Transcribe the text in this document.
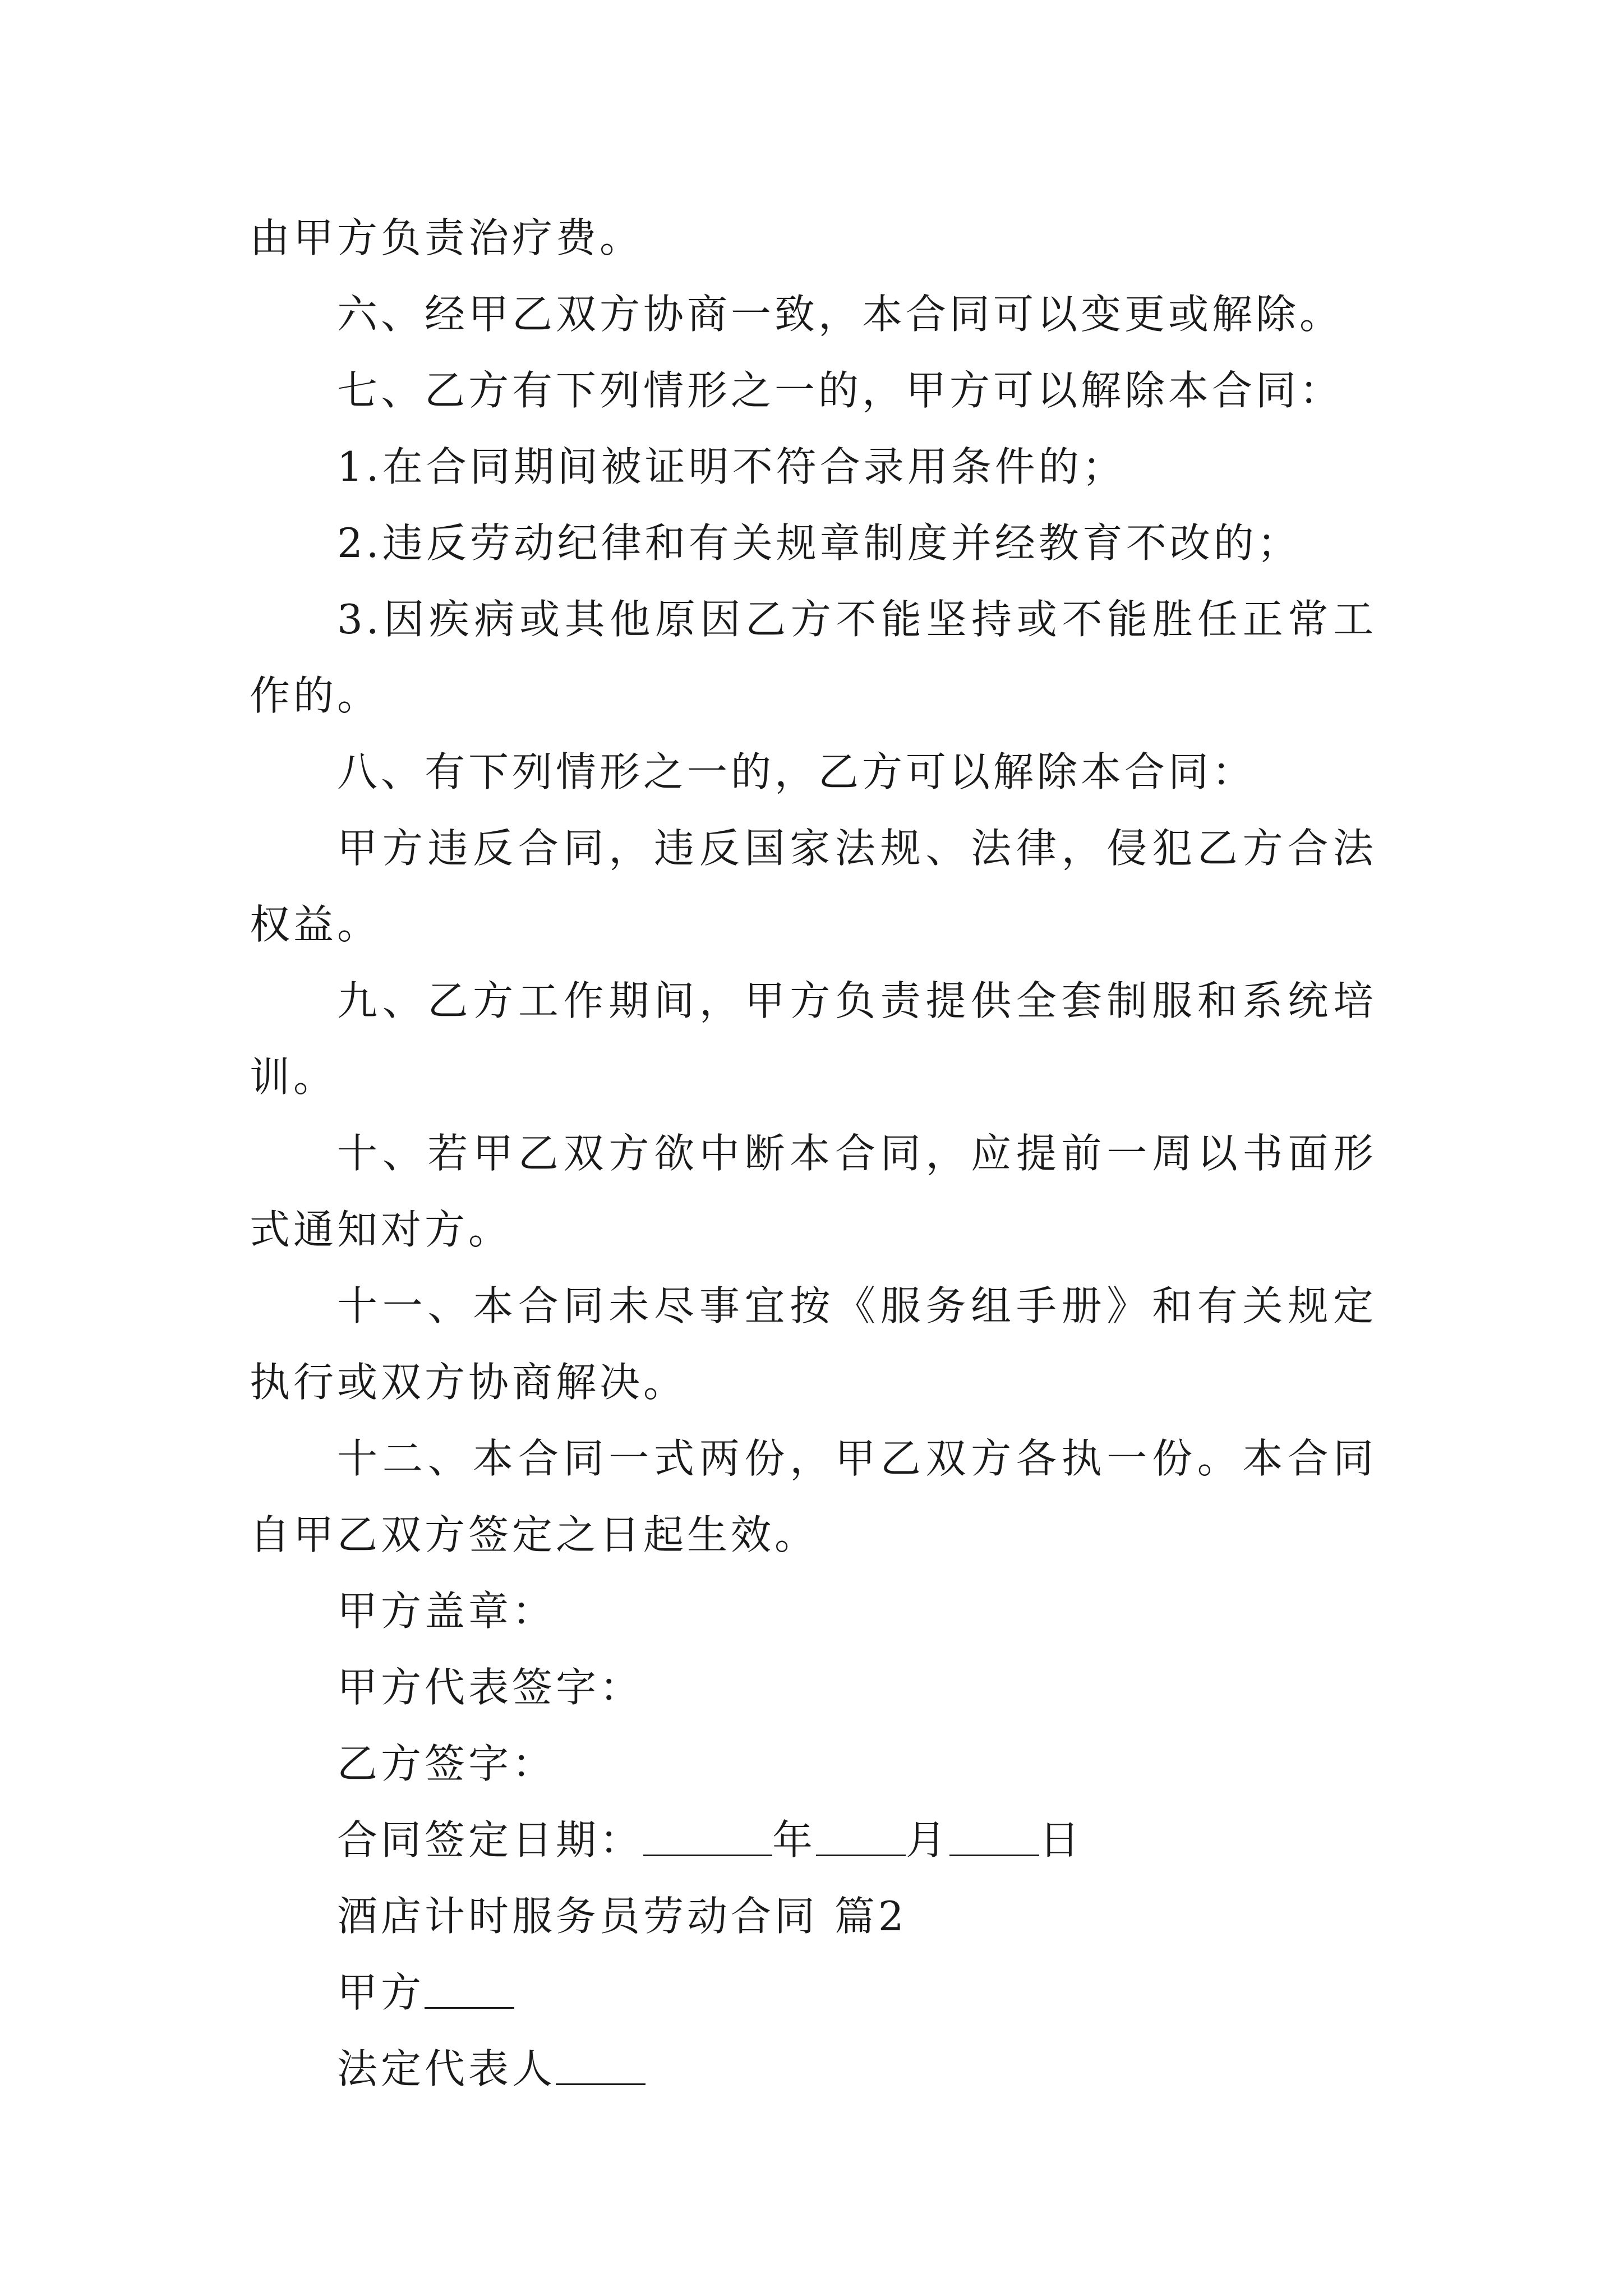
由甲方负责治疗费。

六、经甲乙双方协商一致，本合同可以变更或解除。

七、乙方有下列情形之一的，甲方可以解除本合同：

1.在合同期间被证明不符合录用条件的；

2.违反劳动纪律和有关规章制度并经教育不改的；

3.因疾病或其他原因乙方不能坚持或不能胜任正常工作的。

八、有下列情形之一的，乙方可以解除本合同：

甲方违反合同，违反国家法规、法律，侵犯乙方合法权益。

九、乙方工作期间，甲方负责提供全套制服和系统培训。

十、若甲乙双方欲中断本合同，应提前一周以书面形式通知对方。

十一、本合同未尽事宜按《服务组手册》和有关规定执行或双方协商解决。

十二、本合同一式两份，甲乙双方各执一份。本合同自甲乙双方签定之日起生效。

甲方盖章：

甲方代表签字：

乙方签字：

合同签定日期：	年 月 日

酒店计时服务员劳动合同 篇2

甲方

法定代表人
